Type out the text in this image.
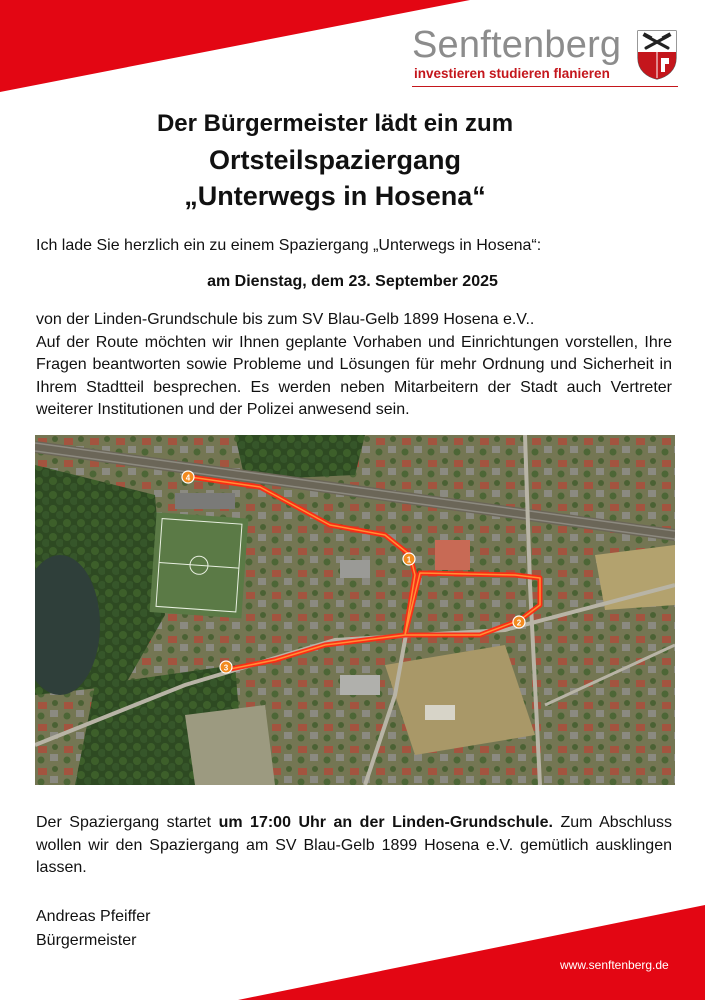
Senftenberg
investieren studieren flanieren
Der Bürgermeister lädt ein zum
Ortsteilspaziergang
„Unterwegs in Hosena“
Ich lade Sie herzlich ein zu einem Spaziergang „Unterwegs in Hosena“:
am Dienstag, dem 23. September 2025
von der Linden-Grundschule bis zum SV Blau-Gelb 1899 Hosena e.V..
Auf der Route möchten wir Ihnen geplante Vorhaben und Einrichtungen vorstellen, Ihre Fragen beantworten sowie Probleme und Lösungen für mehr Ordnung und Sicherheit in Ihrem Stadtteil besprechen. Es werden neben Mitarbeitern der Stadt auch Vertreter weiterer Institutionen und der Polizei anwesend sein.
1
2
3
4
Der Spaziergang startet um 17:00 Uhr an der Linden-Grundschule. Zum Abschluss wollen wir den Spaziergang am SV Blau-Gelb 1899 Hosena e.V. gemütlich ausklingen lassen.
Andreas Pfeiffer
Bürgermeister
www.senftenberg.de
